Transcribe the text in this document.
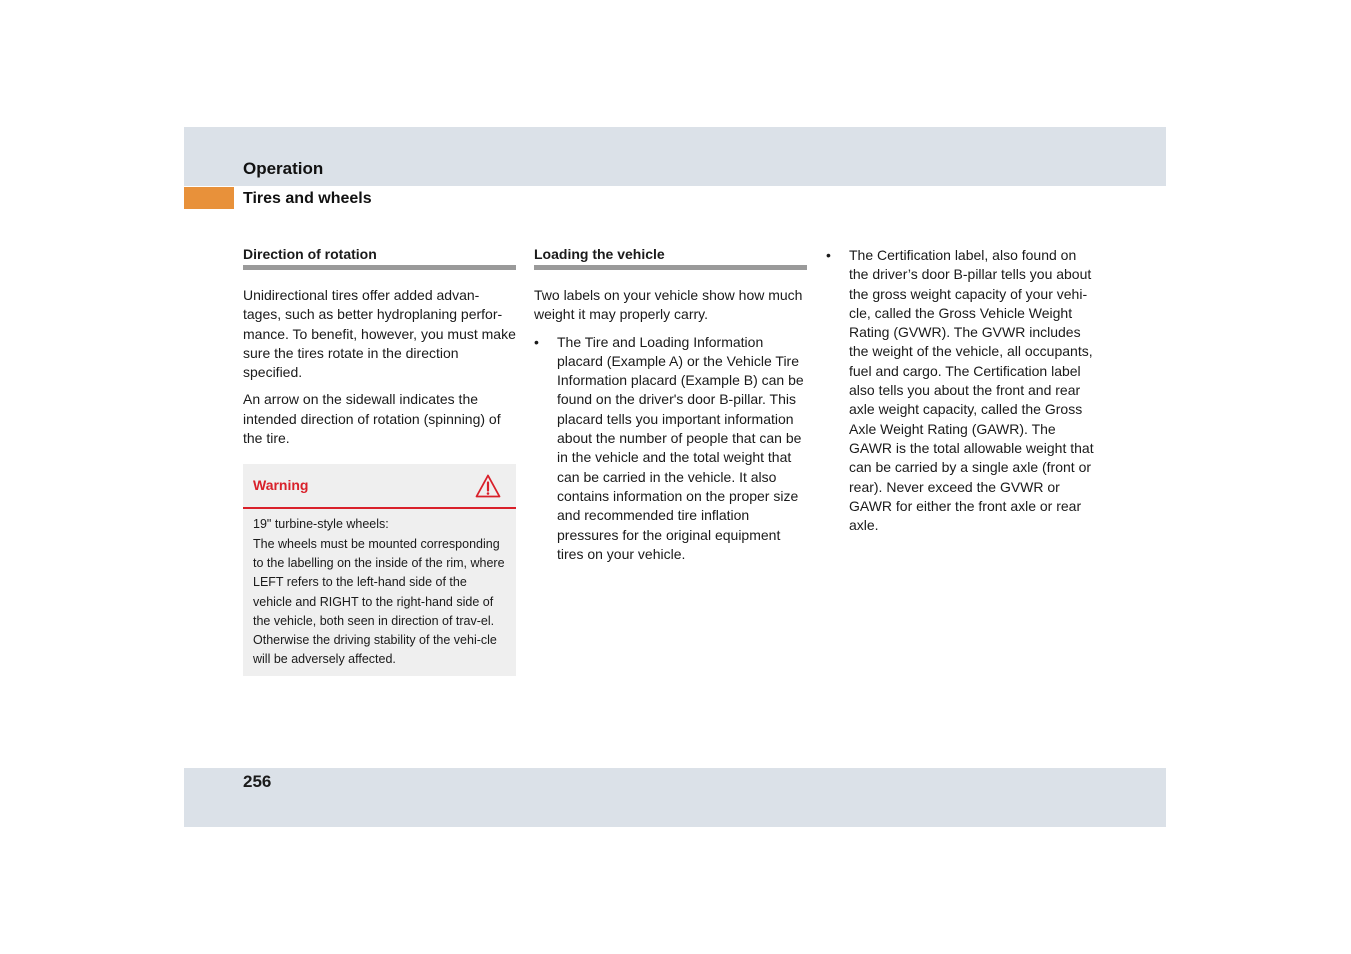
Operation
Tires and wheels
Direction of rotation

Unidirectional tires offer added advan-tages, such as better hydroplaning perfor-mance. To benefit, however, you must make sure the tires rotate in the direction specified.

An arrow on the sidewall indicates the intended direction of rotation (spinning) of the tire.

Warning
19" turbine-style wheels:
The wheels must be mounted corresponding to the labelling on the inside of the rim, where LEFT refers to the left-hand side of the vehicle and RIGHT to the right-hand side of the vehicle, both seen in direction of trav-el. Otherwise the driving stability of the vehi-cle will be adversely affected.
Loading the vehicle

Two labels on your vehicle show how much weight it may properly carry.

• The Tire and Loading Information placard (Example A) or the Vehicle Tire Information placard (Example B) can be found on the driver's door B-pillar. This placard tells you important information about the number of people that can be in the vehicle and the total weight that can be carried in the vehicle. It also contains information on the proper size and recommended tire inflation pressures for the original equipment tires on your vehicle.
• The Certification label, also found on the driver’s door B-pillar tells you about the gross weight capacity of your vehi-cle, called the Gross Vehicle Weight Rating (GVWR). The GVWR includes the weight of the vehicle, all occupants, fuel and cargo. The Certification label also tells you about the front and rear axle weight capacity, called the Gross Axle Weight Rating (GAWR). The GAWR is the total allowable weight that can be carried by a single axle (front or rear). Never exceed the GVWR or GAWR for either the front axle or rear axle.

256
